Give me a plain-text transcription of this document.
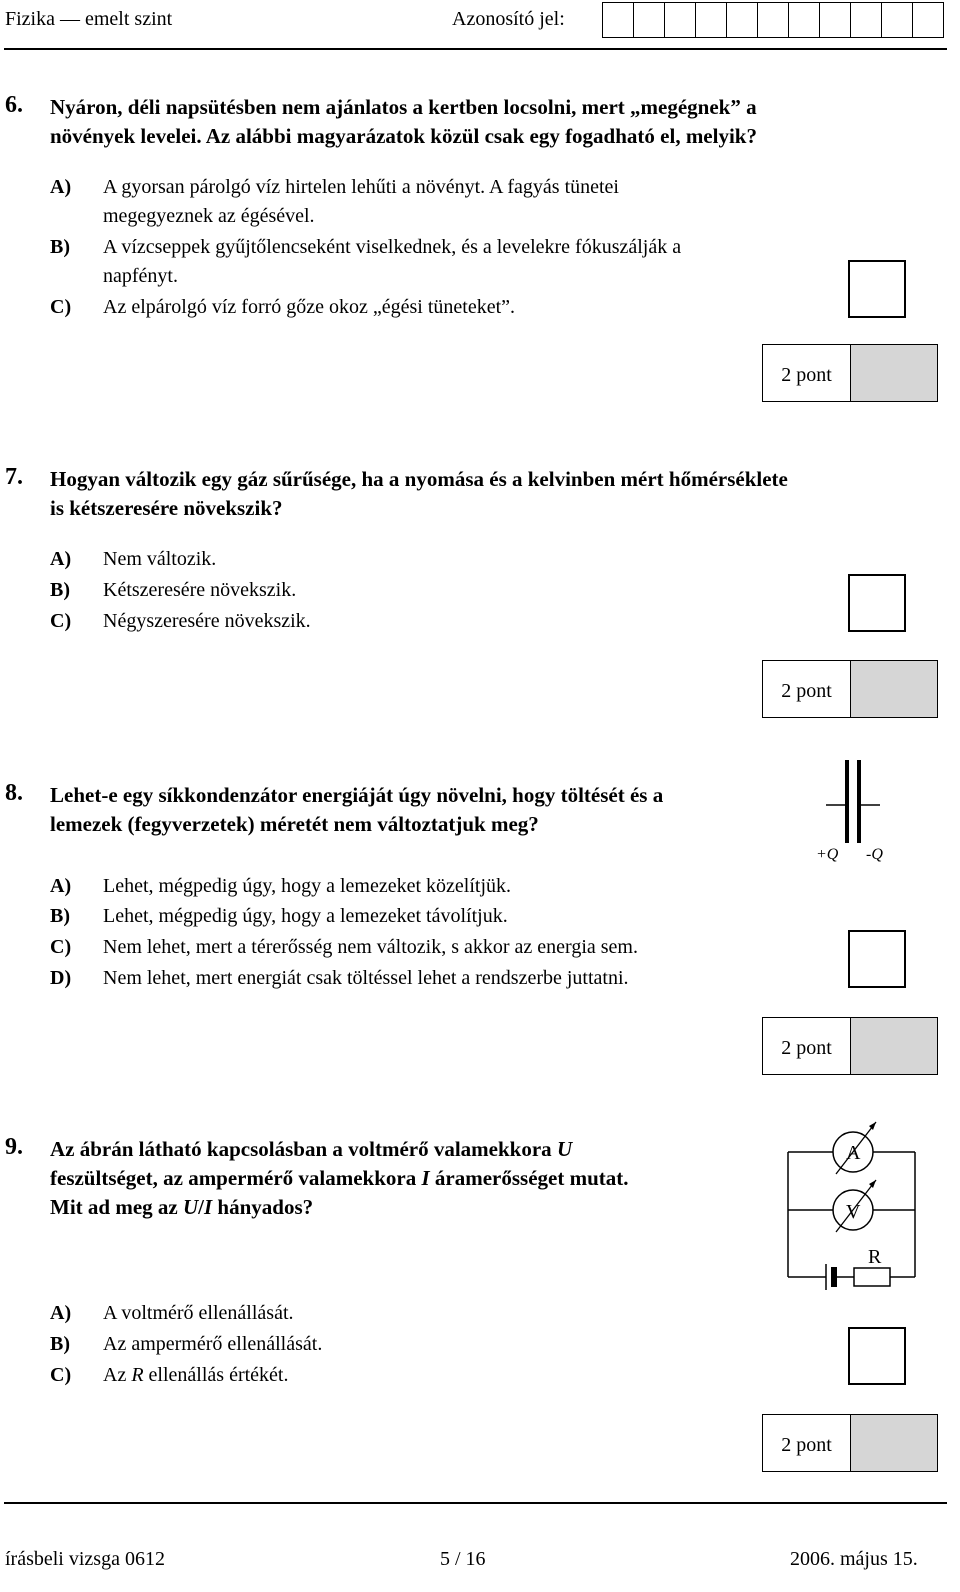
Fizika — emelt szint	Azonosító jel:
6. Nyáron, déli napsütésben nem ajánlatos a kertben locsolni, mert „megégnek” a
növények levelei. Az alábbi magyarázatok közül csak egy fogadható el, melyik?
A) A gyorsan párolgó víz hirtelen lehűti a növényt. A fagyás tünetei
megegyeznek az égésével.
B) A vízcseppek gyűjtőlencseként viselkednek, és a levelekre fókuszálják a
napfényt.
C) Az elpárolgó víz forró gőze okoz „égési tüneteket”.
2 pont
7. Hogyan változik egy gáz sűrűsége, ha a nyomása és a kelvinben mért hőmérséklete
is kétszeresére növekszik?
A) Nem változik.
B) Kétszeresére növekszik.
C) Négyszeresére növekszik.
2 pont
8. Lehet-e egy síkkondenzátor energiáját úgy növelni, hogy töltését és a
lemezek (fegyverzetek) méretét nem változtatjuk meg?
+Q -Q
A) Lehet, mégpedig úgy, hogy a lemezeket közelítjük.
B) Lehet, mégpedig úgy, hogy a lemezeket távolítjuk.
C) Nem lehet, mert a térerősség nem változik, s akkor az energia sem.
D) Nem lehet, mert energiát csak töltéssel lehet a rendszerbe juttatni.
2 pont
9. Az ábrán látható kapcsolásban a voltmérő valamekkora U
feszültséget, az ampermérő valamekkora I áramerősséget mutat.
Mit ad meg az U/I hányados?
A
V
R
A) A voltmérő ellenállását.
B) Az ampermérő ellenállását.
C) Az R ellenállás értékét.
2 pont
írásbeli vizsga 0612	5 / 16	2006. május 15.
